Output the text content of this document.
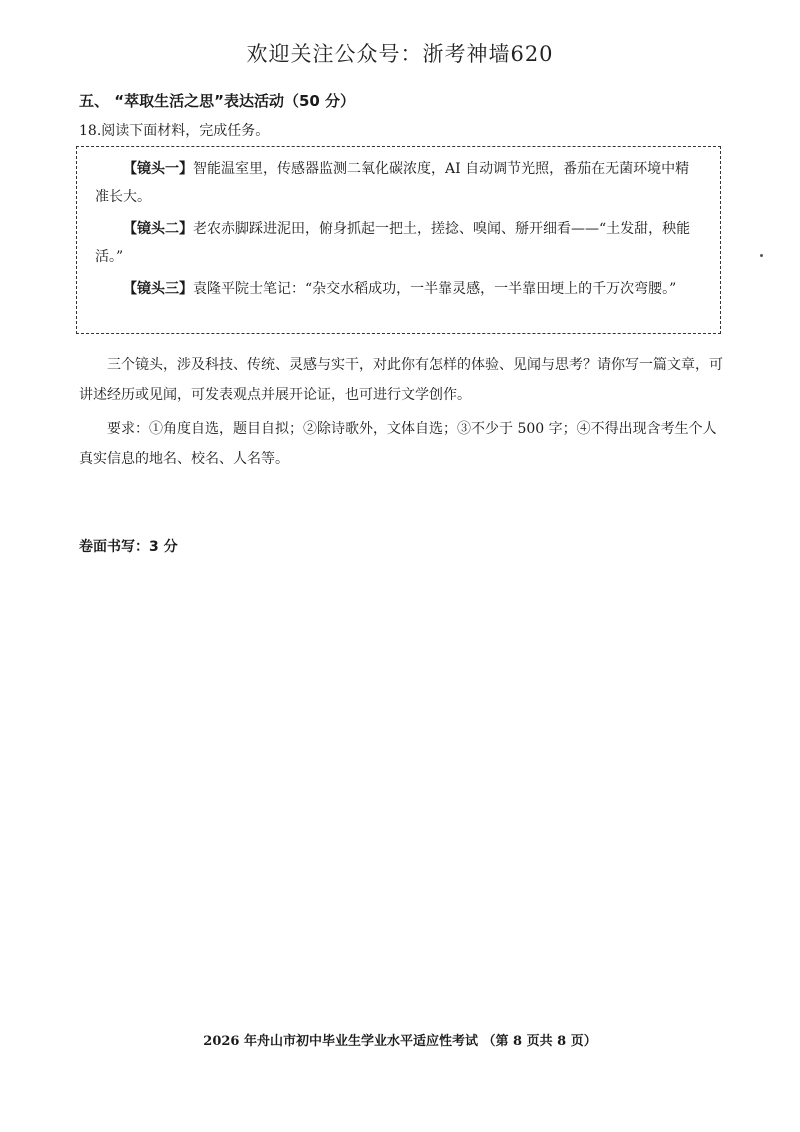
欢迎关注公众号：浙考神墙620
五、 “萃取生活之思”表达活动（50 分）
18.阅读下面材料，完成任务。

【镜头一】智能温室里，传感器监测二氧化碳浓度，AI 自动调节光照，番茄在无菌环境中精准长大。

【镜头二】老农赤脚踩进泥田，俯身抓起一把土，搓捻、嗅闻、掰开细看——“土发甜，秧能活。”

【镜头三】袁隆平院士笔记：“杂交水稻成功，一半靠灵感，一半靠田埂上的千万次弯腰。”

三个镜头，涉及科技、传统、灵感与实干，对此你有怎样的体验、见闻与思考？请你写一篇文章，可讲述经历或见闻，可发表观点并展开论证，也可进行文学创作。

要求：①角度自选，题目自拟；②除诗歌外，文体自选；③不少于 500 字；④不得出现含考生个人真实信息的地名、校名、人名等。

卷面书写：3 分
2026 年舟山市初中毕业生学业水平适应性考试 （第 8 页共 8 页）
